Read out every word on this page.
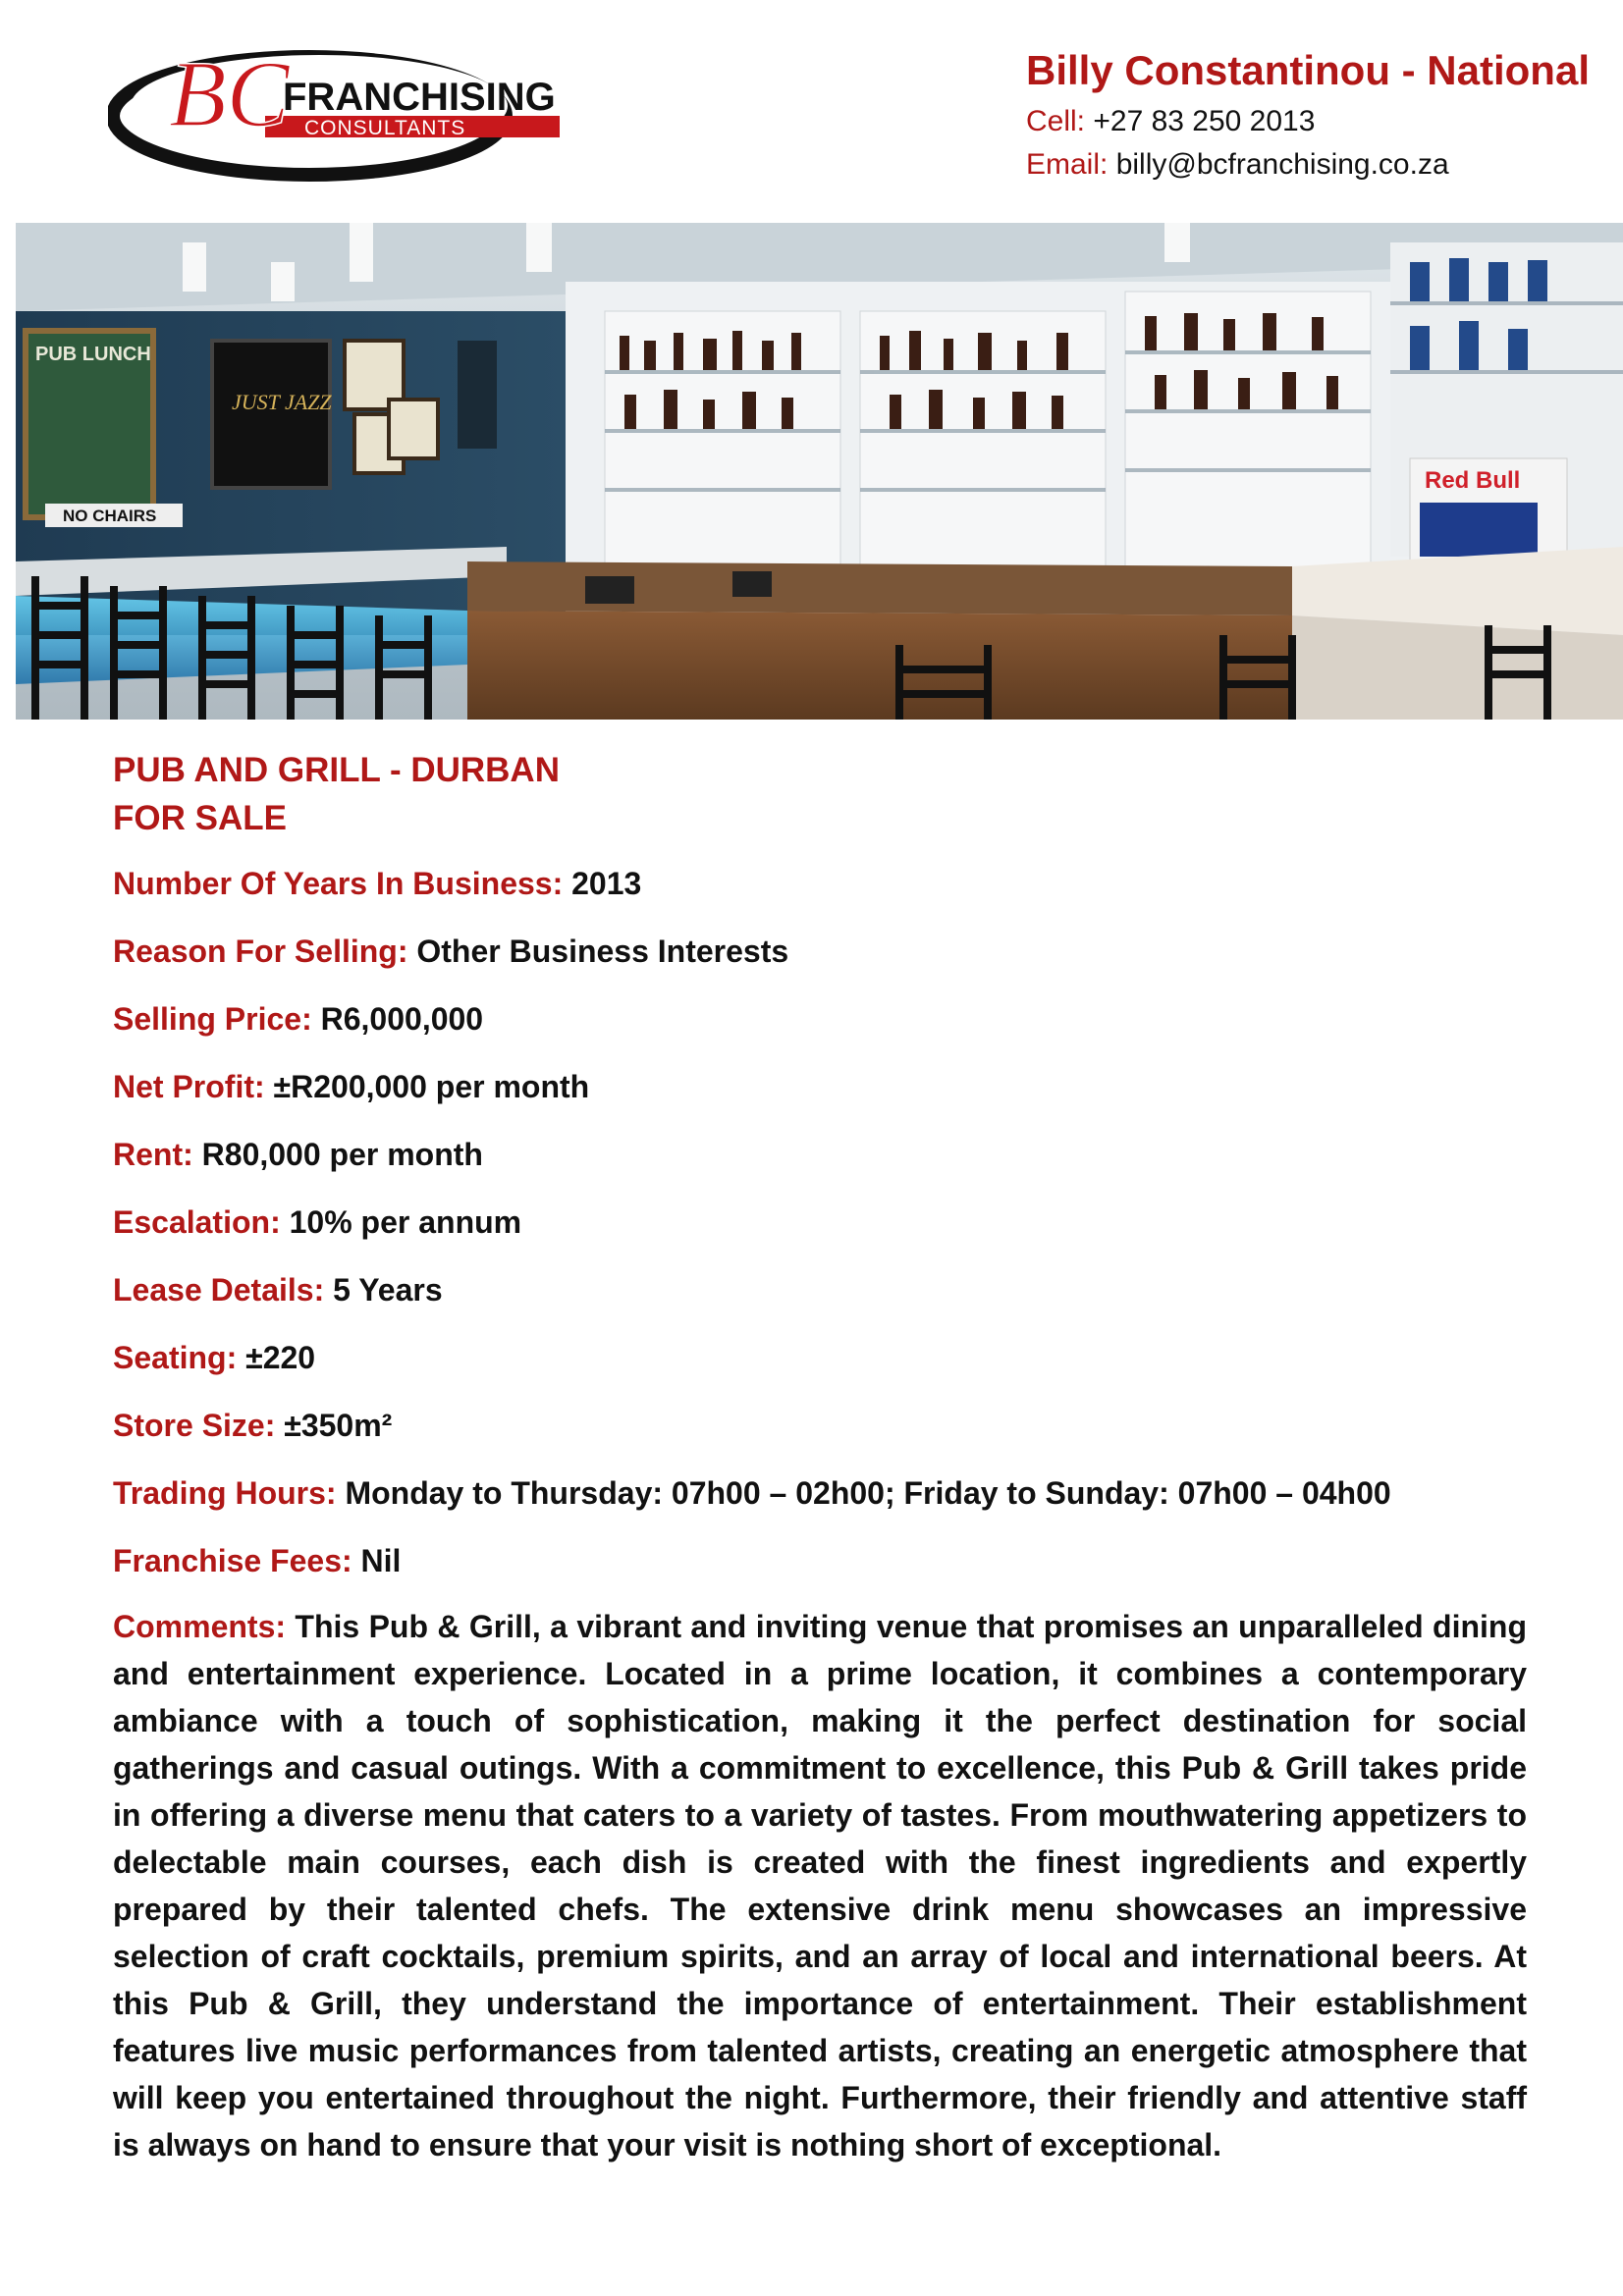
BC
FRANCHISING
CONSULTANTS
Billy Constantinou - National
Cell: +27 83 250 2013
Email: billy@bcfranchising.co.za
PUB LUNCH
JUST JAZZ
NO CHAIRS
Red Bull
PUB AND GRILL - DURBAN
FOR SALE
Number Of Years In Business: 2013
Reason For Selling: Other Business Interests
Selling Price: R6,000,000
Net Profit: ±R200,000 per month
Rent: R80,000 per month
Escalation: 10% per annum
Lease Details: 5 Years
Seating: ±220
Store Size: ±350m²
Trading Hours: Monday to Thursday: 07h00 – 02h00; Friday to Sunday: 07h00 – 04h00
Franchise Fees: Nil
Comments: This Pub & Grill, a vibrant and inviting venue that promises an unparalleled dining and entertainment experience. Located in a prime location, it combines a contemporary ambiance with a touch of sophistication, making it the perfect destination for social gatherings and casual outings. With a commitment to excellence, this Pub & Grill takes pride in offering a diverse menu that caters to a variety of tastes. From mouthwatering appetizers to delectable main courses, each dish is created with the finest ingredients and expertly prepared by their talented chefs. The extensive drink menu showcases an impressive selection of craft cocktails, premium spirits, and an array of local and international beers. At this Pub & Grill, they understand the importance of entertainment. Their establishment features live music performances from talented artists, creating an energetic atmosphere that will keep you entertained throughout the night. Furthermore, their friendly and attentive staff is always on hand to ensure that your visit is nothing short of exceptional.
